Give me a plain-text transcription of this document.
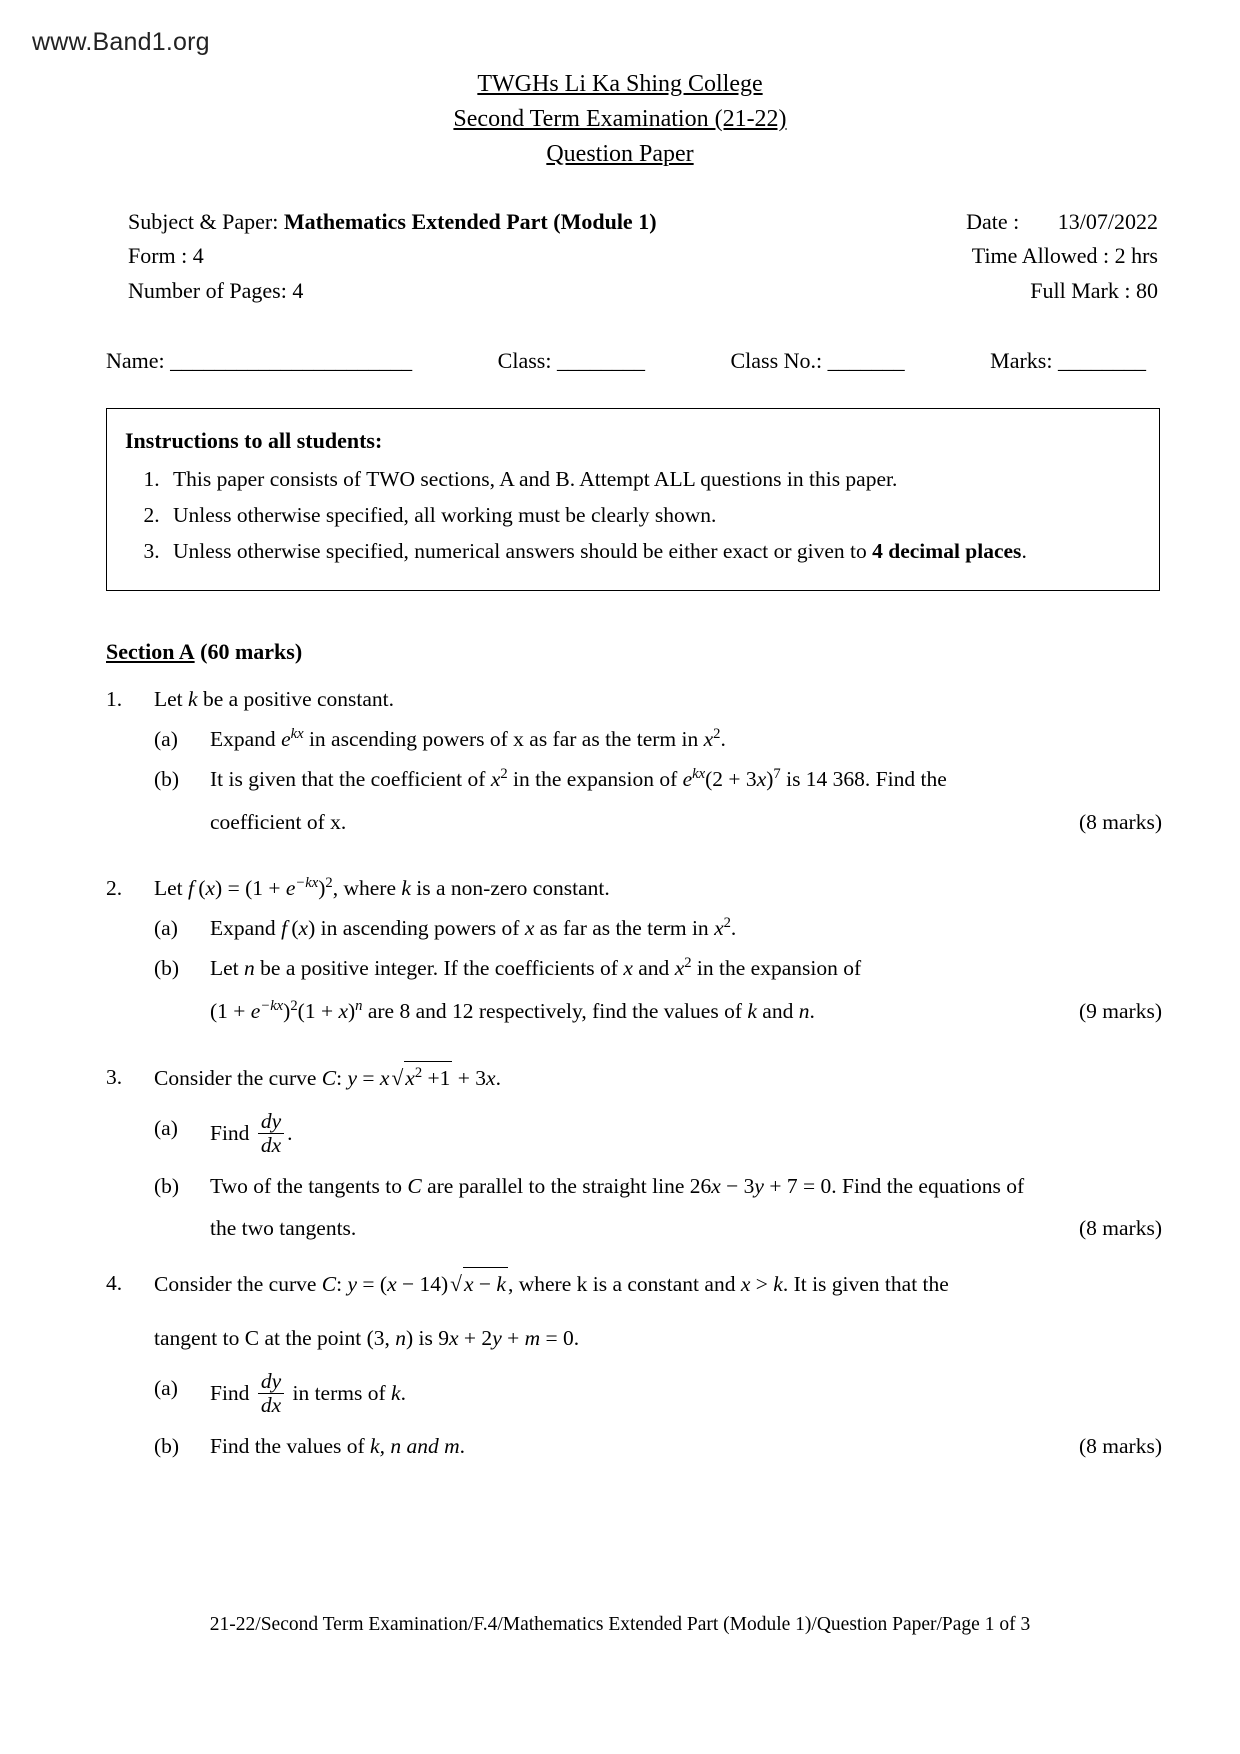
www.Band1.org
TWGHs Li Ka Shing College
Second Term Examination (21-22)
Question Paper
Subject & Paper: Mathematics Extended Part (Module 1)	Date : 13/07/2022
Form : 4	Time Allowed : 2 hrs
Number of Pages: 4	Full Mark : 80
Name: ______________________	Class: ________	Class No.: _______	Marks: ________
Instructions to all students:
1. This paper consists of TWO sections, A and B. Attempt ALL questions in this paper.
2. Unless otherwise specified, all working must be clearly shown.
3. Unless otherwise specified, numerical answers should be either exact or given to 4 decimal places.
Section A (60 marks)
1.	Let k be a positive constant.
(a)	Expand $e^{kx}$ in ascending powers of x as far as the term in $x^2$.
(b)	It is given that the coefficient of $x^2$ in the expansion of $e^{kx}(2 + 3x)^7$ is 14 368. Find the
(8 marks)
coefficient of x.
2.	Let f $(x) = (1 + e^{-kx})^2$, where k is a non-zero constant.
(a)	Expand f (x) in ascending powers of x as far as the term in $x^2$.
(b)	Let n be a positive integer. If the coefficients of x and $x^2$ in the expansion of
(9 marks)
$(1 + e^{-kx})^2(1 + x)^n$ are 8 and 12 respectively, find the values of k and n.
3.	Consider the curve C: $y = x√x^2 +1 + 3x$.
(a)	Find $\frac{dy}{dx}$ .
(b)	Two of the tangents to C are parallel to the straight line 26x − 3y + 7 = 0. Find the equations of
(8 marks)
the two tangents.
4.	Consider the curve C: y = (x − 14)√x − k, where k is a constant and x > k. It is given that the
tangent to C at the point (3, n) is 9x + 2y + m = 0.
(a)	Find $\frac{dy}{dx}$ in terms of k.
(b)	(8 marks)
Find the values of k, n and m.
21-22/Second Term Examination/F.4/Mathematics Extended Part (Module 1)/Question Paper/Page 1 of 3
